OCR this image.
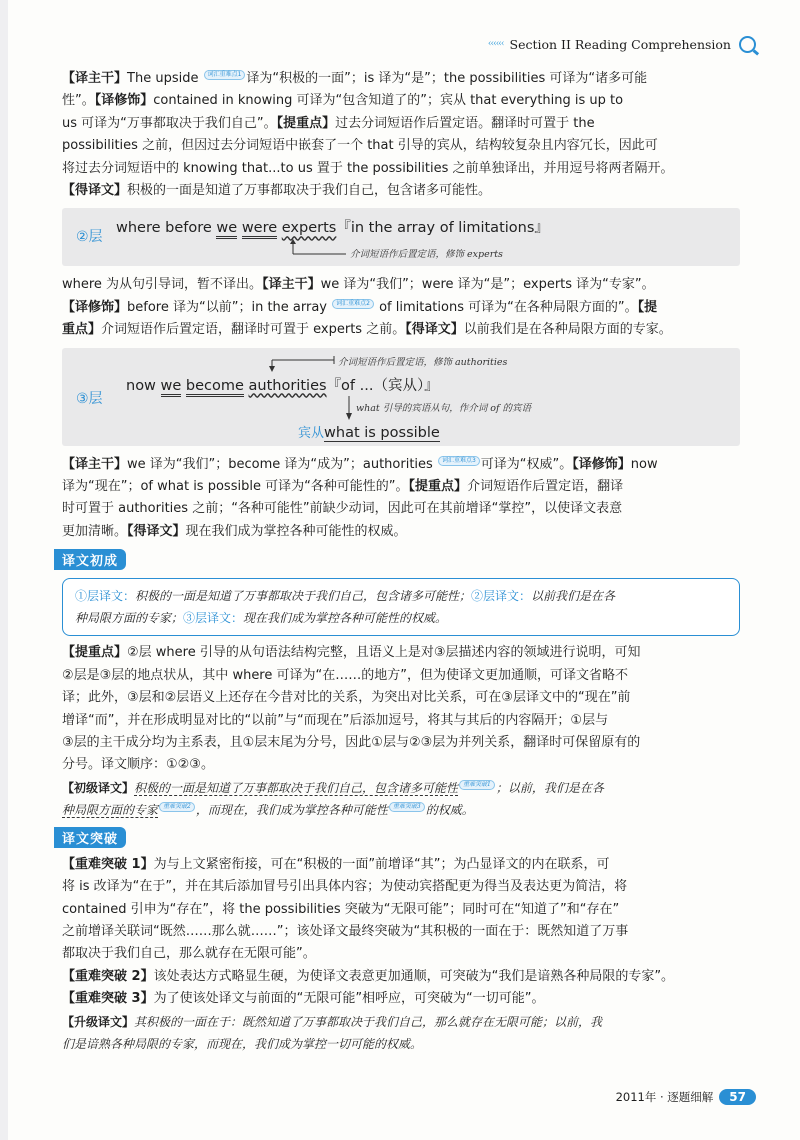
‹‹‹‹‹‹ Section II Reading Comprehension
【译主干】The upside 词汇重难点1 译为“积极的一面”；is 译为“是”；the possibilities 可译为“诸多可能
性”。【译修饰】contained in knowing 可译为“包含知道了的”；宾从 that everything is up to
us 可译为“万事都取决于我们自己”。【提重点】过去分词短语作后置定语。翻译时可置于 the
possibilities 之前，但因过去分词短语中嵌套了一个 that 引导的宾从，结构较复杂且内容冗长，因此可
将过去分词短语中的 knowing that...to us 置于 the possibilities 之前单独译出，并用逗号将两者隔开。
【得译文】积极的一面是知道了万事都取决于我们自己，包含诸多可能性。
②层
where before we were experts『in the array of limitations』
介词短语作后置定语，修饰 experts
where 为从句引导词，暂不译出。【译主干】we 译为“我们”；were 译为“是”；experts 译为“专家”。
【译修饰】before 译为“以前”；in the array 词汇重难点2 of limitations 可译为“在各种局限方面的”。【提
重点】介词短语作后置定语，翻译时可置于 experts 之前。【得译文】以前我们是在各种局限方面的专家。
③层
介词短语作后置定语，修饰 authorities
now we become authorities『of ...（宾从）』
what 引导的宾语从句，作介词 of 的宾语
宾从what is possible
【译主干】we 译为“我们”；become 译为“成为”；authorities 词汇重难点3 可译为“权威”。【译修饰】now
译为“现在”；of what is possible 可译为“各种可能性的”。【提重点】介词短语作后置定语，翻译
时可置于 authorities 之前；“各种可能性”前缺少动词，因此可在其前增译“掌控”，以使译文表意
更加清晰。【得译文】现在我们成为掌控各种可能性的权威。
译文初成
①层译文：积极的一面是知道了万事都取决于我们自己，包含诸多可能性；②层译文：以前我们是在各
种局限方面的专家；③层译文：现在我们成为掌控各种可能性的权威。
【提重点】②层 where 引导的从句语法结构完整，且语义上是对③层描述内容的领域进行说明，可知
②层是③层的地点状从，其中 where 可译为“在……的地方”，但为使译文更加通顺，可译文省略不
译；此外，③层和②层语义上还存在今昔对比的关系，为突出对比关系，可在③层译文中的“现在”前
增译“而”，并在形成明显对比的“以前”与“而现在”后添加逗号，将其与其后的内容隔开；①层与
③层的主干成分均为主系表，且①层末尾为分号，因此①层与②③层为并列关系，翻译时可保留原有的
分号。译文顺序：①②③。
【初级译文】积极的一面是知道了万事都取决于我们自己，包含诸多可能性 重难突破1 ；以前，我们是在各
种局限方面的专家 重难突破2 ，而现在，我们成为掌控各种可能性 重难突破3 的权威。
译文突破
【重难突破 1】为与上文紧密衔接，可在“积极的一面”前增译“其”；为凸显译文的内在联系，可
将 is 改译为“在于”，并在其后添加冒号引出具体内容；为使动宾搭配更为得当及表达更为简洁，将
contained 引申为“存在”，将 the possibilities 突破为“无限可能”；同时可在“知道了”和“存在”
之前增译关联词“既然……那么就……”；该处译文最终突破为“其积极的一面在于：既然知道了万事
都取决于我们自己，那么就存在无限可能”。
【重难突破 2】该处表达方式略显生硬，为使译文表意更加通顺，可突破为“我们是谙熟各种局限的专家”。
【重难突破 3】为了使该处译文与前面的“无限可能”相呼应，可突破为“一切可能”。
【升级译文】其积极的一面在于：既然知道了万事都取决于我们自己，那么就存在无限可能；以前，我
们是谙熟各种局限的专家，而现在，我们成为掌控一切可能的权威。
2011年 · 逐题细解	57
